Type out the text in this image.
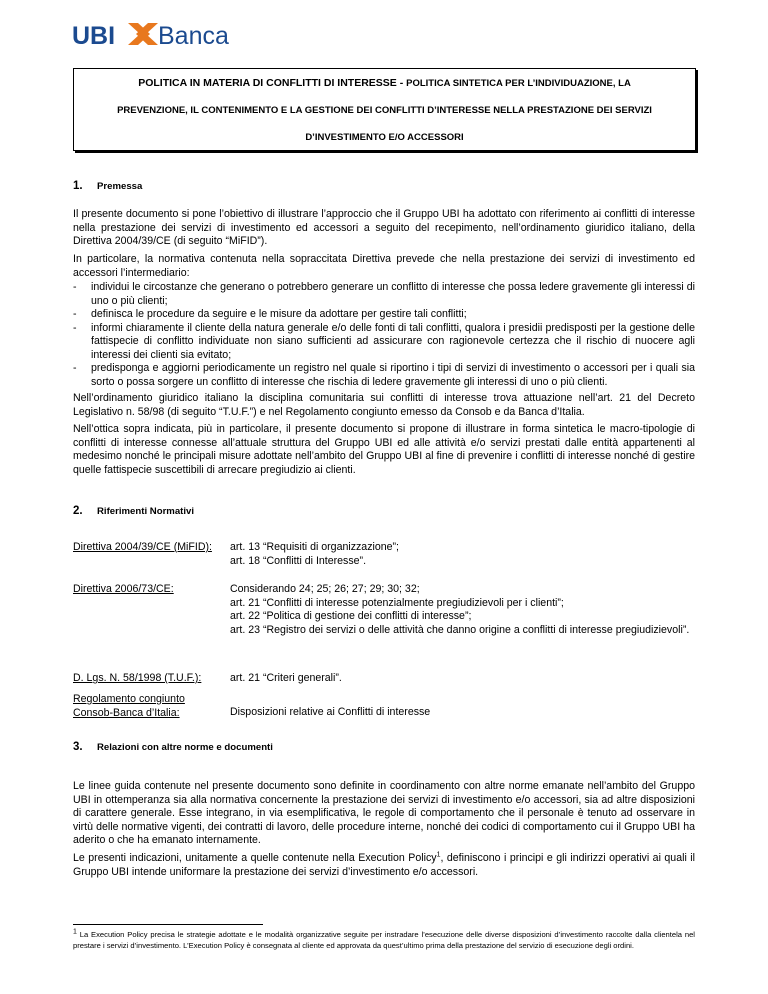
UBI Banca
POLITICA IN MATERIA DI CONFLITTI DI INTERESSE - POLITICA SINTETICA PER L’INDIVIDUAZIONE, LA
PREVENZIONE, IL CONTENIMENTO E LA GESTIONE DEI CONFLITTI D’INTERESSE NELLA PRESTAZIONE DEI SERVIZI
D’INVESTIMENTO E/O ACCESSORI
1. Premessa

Il presente documento si pone l’obiettivo di illustrare l’approccio che il Gruppo UBI ha adottato con riferimento ai conflitti di interesse nella prestazione dei servizi di investimento ed accessori a seguito del recepimento, nell’ordinamento giuridico italiano, della Direttiva 2004/39/CE (di seguito “MiFID”).

In particolare, la normativa contenuta nella sopraccitata Direttiva prevede che nella prestazione dei servizi di investimento ed accessori l’intermediario:

- individui le circostanze che generano o potrebbero generare un conflitto di interesse che possa ledere gravemente gli interessi di uno o più clienti;
- definisca le procedure da seguire e le misure da adottare per gestire tali conflitti;
- informi chiaramente il cliente della natura generale e/o delle fonti di tali conflitti, qualora i presidii predisposti per la gestione delle fattispecie di conflitto individuate non siano sufficienti ad assicurare con ragionevole certezza che il rischio di nuocere agli interessi dei clienti sia evitato;
- predisponga e aggiorni periodicamente un registro nel quale si riportino i tipi di servizi di investimento o accessori per i quali sia sorto o possa sorgere un conflitto di interesse che rischia di ledere gravemente gli interessi di uno o più clienti.

Nell’ordinamento giuridico italiano la disciplina comunitaria sui conflitti di interesse trova attuazione nell’art. 21 del Decreto Legislativo n. 58/98 (di seguito “T.U.F.”) e nel Regolamento congiunto emesso da Consob e da Banca d’Italia.

Nell’ottica sopra indicata, più in particolare, il presente documento si propone di illustrare in forma sintetica le macro-tipologie di conflitti di interesse connesse all’attuale struttura del Gruppo UBI ed alle attività e/o servizi prestati dalle entità appartenenti al medesimo nonché le principali misure adottate nell’ambito del Gruppo UBI al fine di prevenire i conflitti di interesse nonché di gestire quelle fattispecie suscettibili di arrecare pregiudizio ai clienti.

2. Riferimenti Normativi
Direttiva 2004/39/CE (MiFID):	art. 13 “Requisiti di organizzazione”;
art. 18 “Conflitti di Interesse”.
Direttiva 2006/73/CE:	Considerando 24; 25; 26; 27; 29; 30; 32;
art. 21 “Conflitti di interesse potenzialmente pregiudizievoli per i clienti”;
art. 22 “Politica di gestione dei conflitti di interesse”;
art. 23 “Registro dei servizi o delle attività che danno origine a conflitti di interesse pregiudizievoli”.
D. Lgs. N. 58/1998 (T.U.F.):	art. 21 “Criteri generali”.
Regolamento congiunto Consob-Banca d’Italia:	Disposizioni relative ai Conflitti di interesse
3. Relazioni con altre norme e documenti

Le linee guida contenute nel presente documento sono definite in coordinamento con altre norme emanate nell’ambito del Gruppo UBI in ottemperanza sia alla normativa concernente la prestazione dei servizi di investimento e/o accessori, sia ad altre disposizioni di carattere generale. Esse integrano, in via esemplificativa, le regole di comportamento che il personale è tenuto ad osservare in virtù delle normative vigenti, dei contratti di lavoro, delle procedure interne, nonché dei codici di comportamento cui il Gruppo UBI ha aderito o che ha emanato internamente.

Le presenti indicazioni, unitamente a quelle contenute nella Execution Policy$^1$, definiscono i principi e gli indirizzi operativi ai quali il Gruppo UBI intende uniformare la prestazione dei servizi d’investimento e/o accessori.

$^1$ La Execution Policy precisa le strategie adottate e le modalità organizzative seguite per instradare l’esecuzione delle diverse disposizioni d’investimento raccolte dalla clientela nel prestare i servizi d’investimento. L’Execution Policy è consegnata al cliente ed approvata da quest’ultimo prima della prestazione del servizio di esecuzione degli ordini.
